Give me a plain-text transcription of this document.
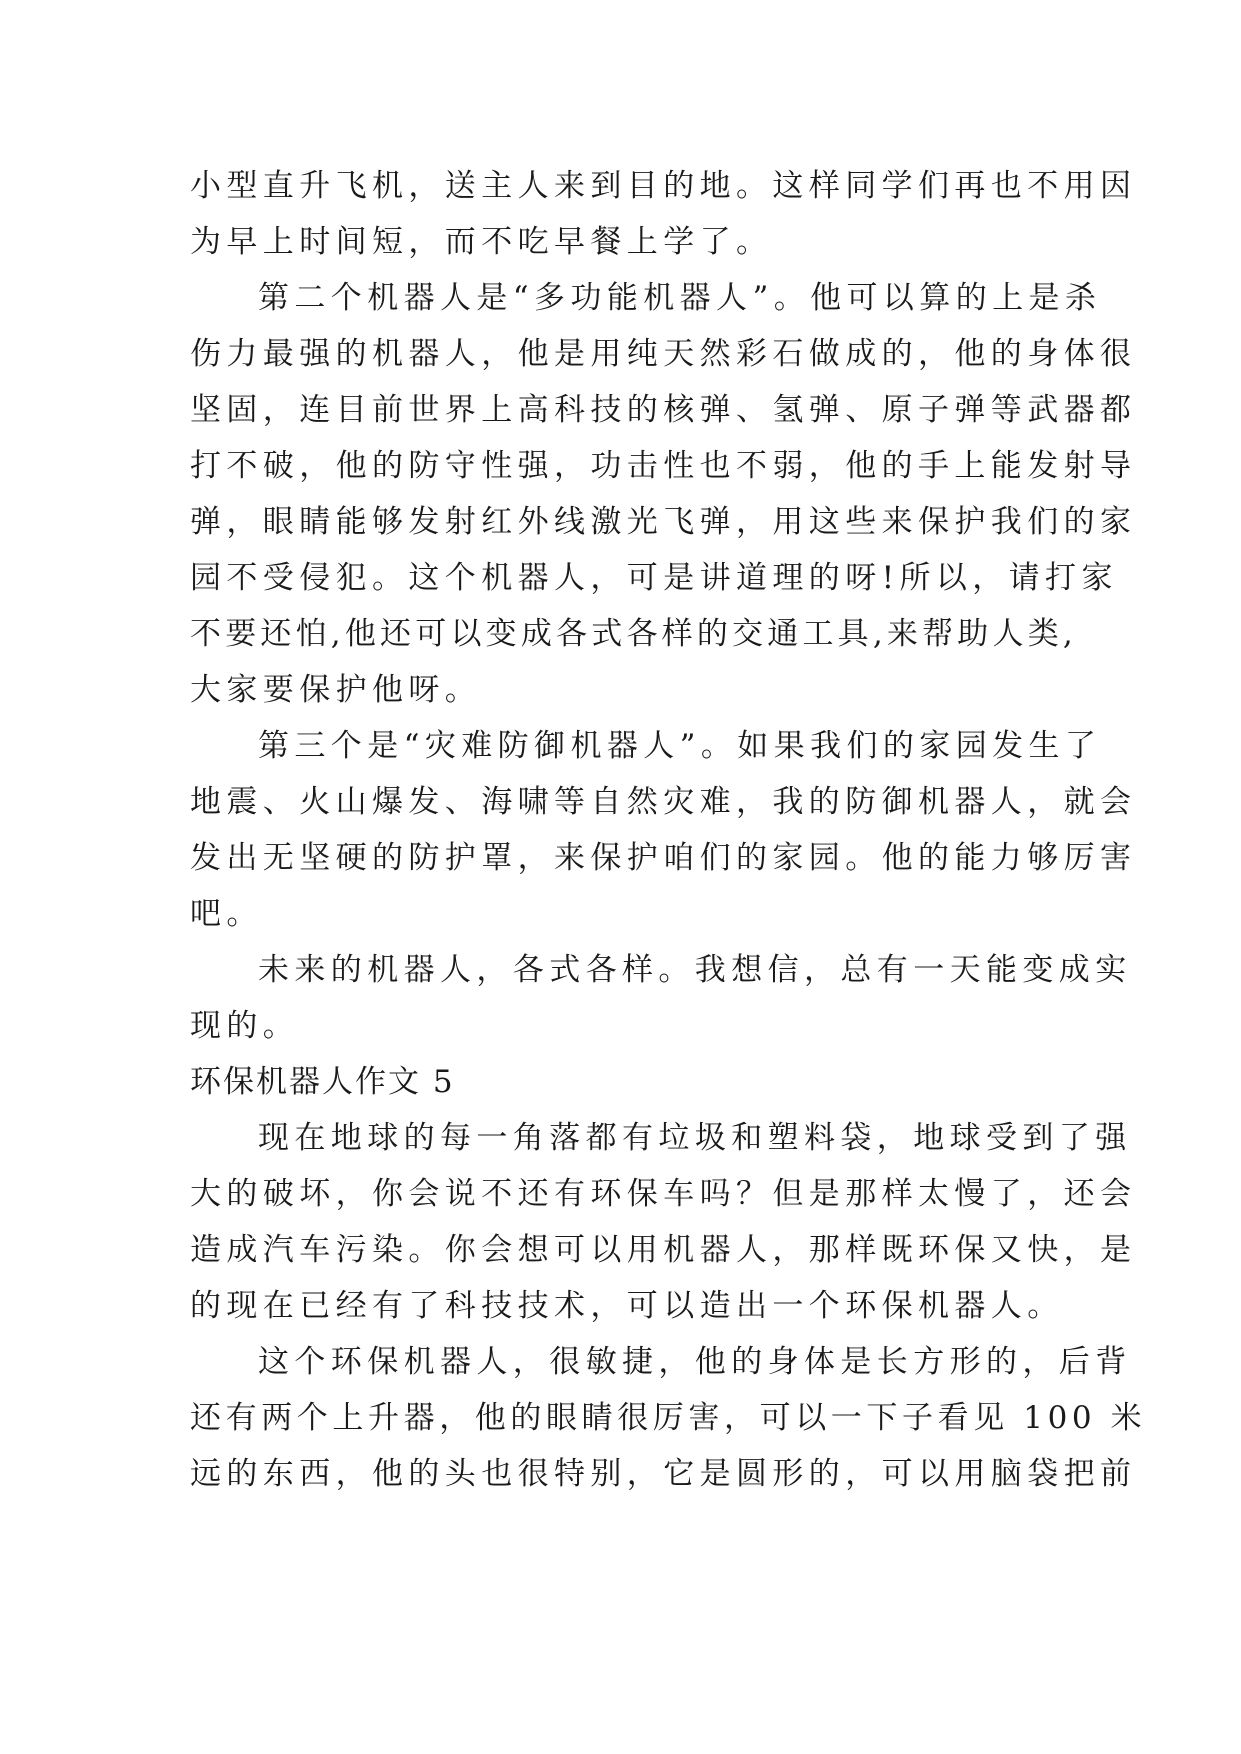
小型直升飞机，送主人来到目的地。这样同学们再也不用因
为早上时间短，而不吃早餐上学了。
第二个机器人是“多功能机器人”。他可以算的上是杀
伤力最强的机器人，他是用纯天然彩石做成的，他的身体很
坚固，连目前世界上高科技的核弹、氢弹、原子弹等武器都
打不破，他的防守性强，功击性也不弱，他的手上能发射导
弹，眼睛能够发射红外线激光飞弹，用这些来保护我们的家
园不受侵犯。这个机器人，可是讲道理的呀!所以，请打家
不要还怕,他还可以变成各式各样的交通工具,来帮助人类,
大家要保护他呀。
第三个是“灾难防御机器人”。如果我们的家园发生了
地震、火山爆发、海啸等自然灾难，我的防御机器人，就会
发出无坚硬的防护罩，来保护咱们的家园。他的能力够厉害
吧。
未来的机器人，各式各样。我想信，总有一天能变成实
现的。
环保机器人作文 5
现在地球的每一角落都有垃圾和塑料袋，地球受到了强
大的破坏，你会说不还有环保车吗？但是那样太慢了，还会
造成汽车污染。你会想可以用机器人，那样既环保又快，是
的现在已经有了科技技术，可以造出一个环保机器人。
这个环保机器人，很敏捷，他的身体是长方形的，后背
还有两个上升器，他的眼睛很厉害，可以一下子看见 100 米
远的东西，他的头也很特别，它是圆形的，可以用脑袋把前
